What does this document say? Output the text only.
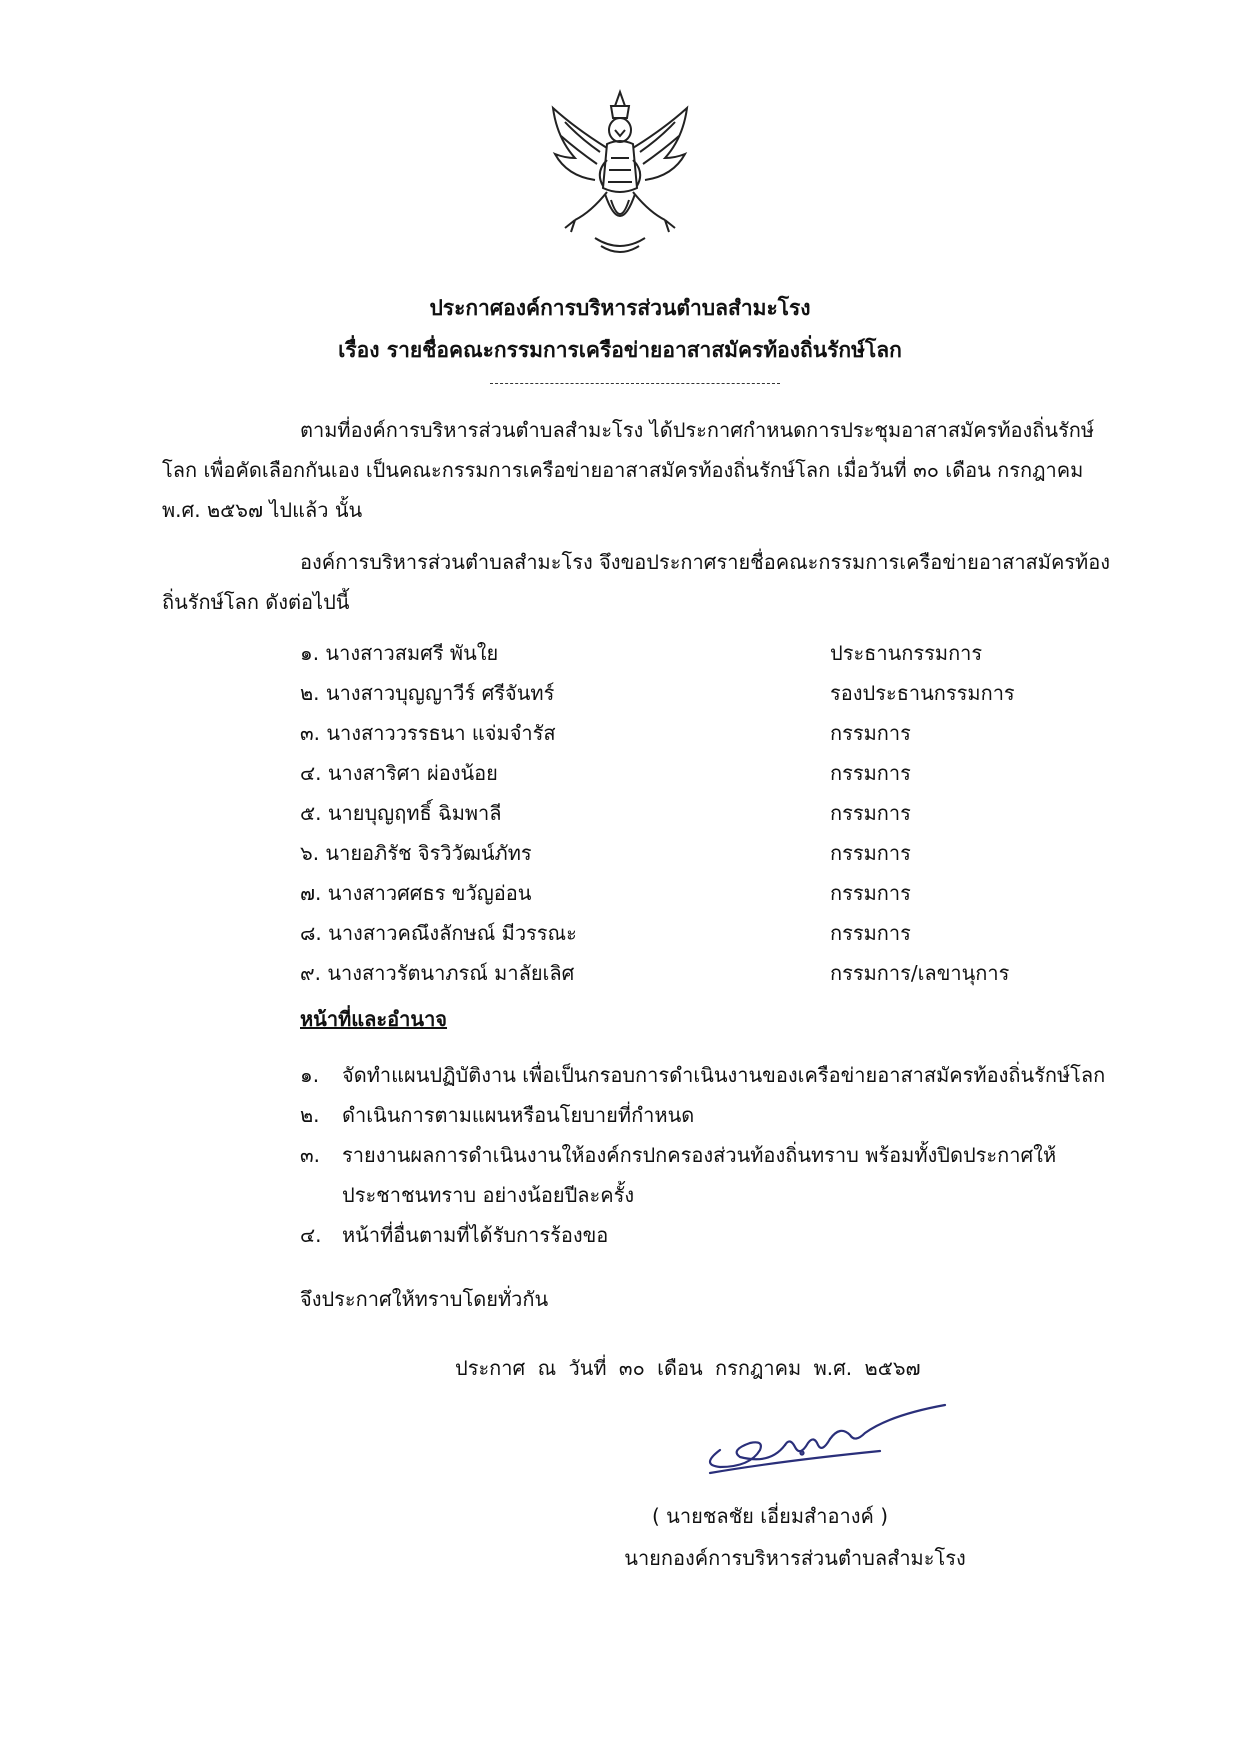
ประกาศองค์การบริหารส่วนตำบลสำมะโรง
เรื่อง รายชื่อคณะกรรมการเครือข่ายอาสาสมัครท้องถิ่นรักษ์โลก
ตามที่องค์การบริหารส่วนตำบลสำมะโรง ได้ประกาศกำหนดการประชุมอาสาสมัครท้องถิ่นรักษ์โลก เพื่อคัดเลือกกันเอง เป็นคณะกรรมการเครือข่ายอาสาสมัครท้องถิ่นรักษ์โลก เมื่อวันที่ ๓๐ เดือน กรกฎาคม พ.ศ. ๒๕๖๗ ไปแล้ว นั้น
องค์การบริหารส่วนตำบลสำมะโรง จึงขอประกาศรายชื่อคณะกรรมการเครือข่ายอาสาสมัครท้องถิ่นรักษ์โลก ดังต่อไปนี้
๑. นางสาวสมศรี พันใย	ประธานกรรมการ
๒. นางสาวบุญญาวีร์ ศรีจันทร์	รองประธานกรรมการ
๓. นางสาววรรธนา แจ่มจำรัส	กรรมการ
๔. นางสาริศา ผ่องน้อย	กรรมการ
๕. นายบุญฤทธิ์ ฉิมพาลี	กรรมการ
๖. นายอภิรัช จิรวิวัฒน์ภัทร	กรรมการ
๗. นางสาวศศธร ขวัญอ่อน	กรรมการ
๘. นางสาวคณึงลักษณ์ มีวรรณะ	กรรมการ
๙. นางสาวรัตนาภรณ์ มาลัยเลิศ	กรรมการ/เลขานุการ
หน้าที่และอำนาจ
๑. จัดทำแผนปฏิบัติงาน เพื่อเป็นกรอบการดำเนินงานของเครือข่ายอาสาสมัครท้องถิ่นรักษ์โลก
๒. ดำเนินการตามแผนหรือนโยบายที่กำหนด
๓. รายงานผลการดำเนินงานให้องค์กรปกครองส่วนท้องถิ่นทราบ พร้อมทั้งปิดประกาศให้ประชาชนทราบ อย่างน้อยปีละครั้ง
๔. หน้าที่อื่นตามที่ได้รับการร้องขอ
จึงประกาศให้ทราบโดยทั่วกัน
ประกาศ ณ วันที่ ๓๐ เดือน กรกฎาคม พ.ศ. ๒๕๖๗
( นายชลชัย เอี่ยมสำอางค์ )
นายกองค์การบริหารส่วนตำบลสำมะโรง
